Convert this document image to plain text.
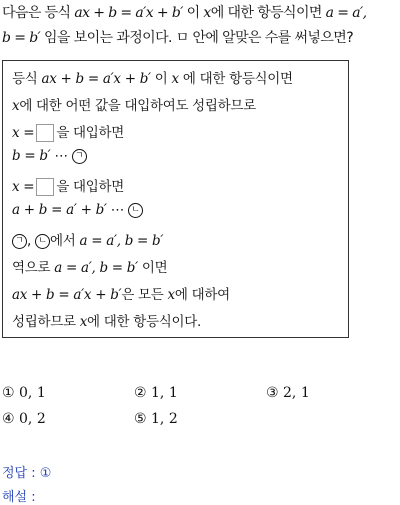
다음은 등식 ax + b = a′x + b′ 이 x에 대한 항등식이면 a = a′,
b = b′ 임을 보이는 과정이다. ㅁ 안에 알맞은 수를 써넣으면?
등식 ax + b = a′x + b′ 이 x 에 대한 항등식이면
x에 대한 어떤 값을 대입하여도 성립하므로
x = 을 대입하면
b = b′ ⋯ ㄱ
x = 을 대입하면
a + b = a′ + b′ ⋯ ㄴ
ㄱ , ㄴ 에서 a = a′, b = b′
역으로 a = a′, b = b′ 이면
ax + b = a′x + b′은 모든 x에 대하여
성립하므로 x에 대한 항등식이다.
① 0, 1	② 1, 1	③ 2, 1
④ 0, 2	⑤ 1, 2
정답 : ①
해설 :
